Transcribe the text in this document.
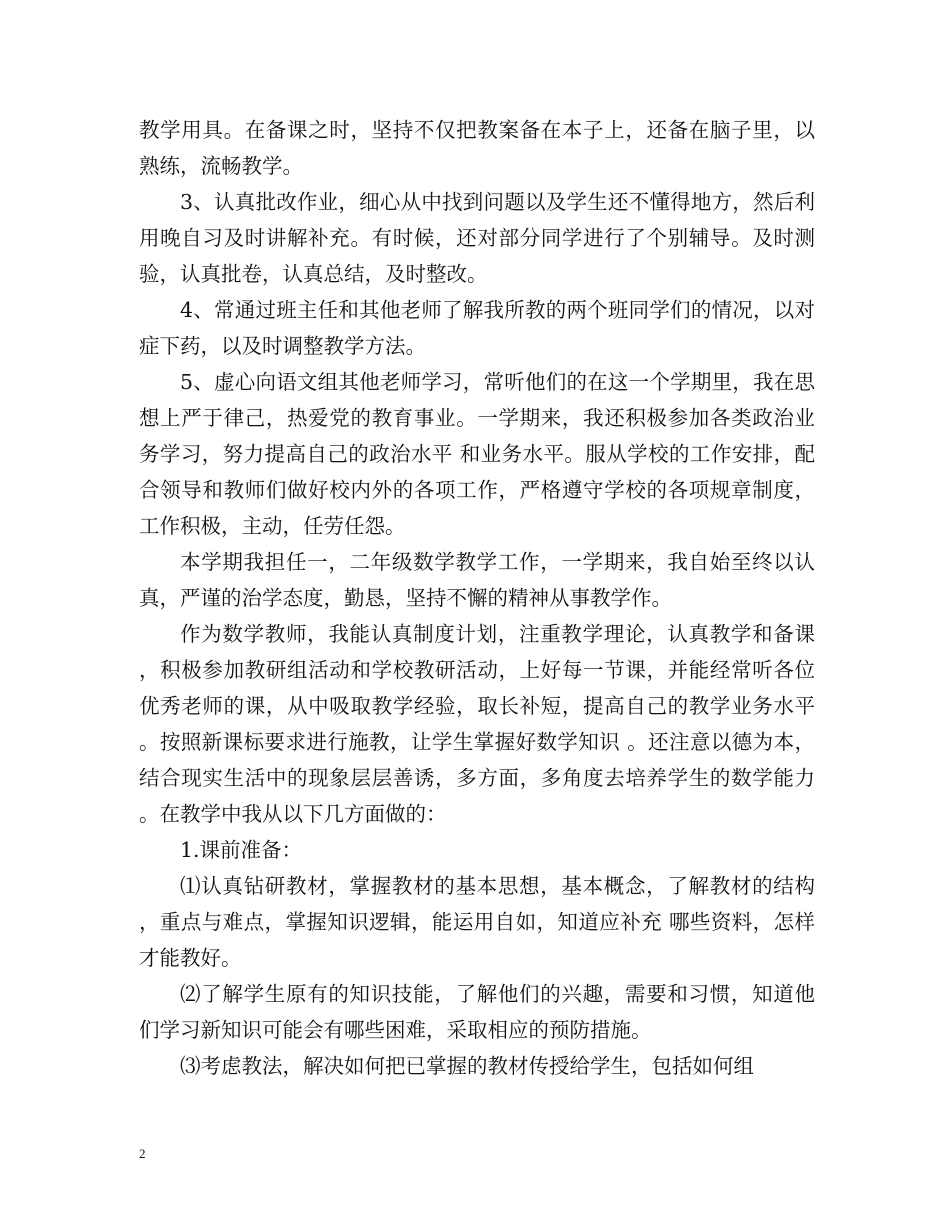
教学用具。在备课之时，坚持不仅把教案备在本子上，还备在脑子里，以熟练，流畅教学。

3、认真批改作业，细心从中找到问题以及学生还不懂得地方，然后利用晚自习及时讲解补充。有时候，还对部分同学进行了个别辅导。及时测验，认真批卷，认真总结，及时整改。

4、常通过班主任和其他老师了解我所教的两个班同学们的情况，以对症下药，以及时调整教学方法。

5、虚心向语文组其他老师学习，常听他们的在这一个学期里，我在思想上严于律己，热爱党的教育事业。一学期来，我还积极参加各类政治业务学习，努力提高自己的政治水平 和业务水平。服从学校的工作安排，配合领导和教师们做好校内外的各项工作，严格遵守学校的各项规章制度，工作积极，主动，任劳任怨。

本学期我担任一，二年级数学教学工作，一学期来，我自始至终以认真，严谨的治学态度，勤恳，坚持不懈的精神从事教学作。

作为数学教师，我能认真制度计划，注重教学理论，认真教学和备课，积极参加教研组活动和学校教研活动，上好每一节课，并能经常听各位优秀老师的课，从中吸取教学经验，取长补短，提高自己的教学业务水平。按照新课标要求进行施教，让学生掌握好数学知识 。还注意以德为本，结合现实生活中的现象层层善诱，多方面，多角度去培养学生的数学能力。在教学中我从以下几方面做的：

1.课前准备：

⑴认真钻研教材，掌握教材的基本思想，基本概念，了解教材的结构，重点与难点，掌握知识逻辑，能运用自如，知道应补充 哪些资料，怎样才能教好。

⑵了解学生原有的知识技能，了解他们的兴趣，需要和习惯，知道他们学习新知识可能会有哪些困难，采取相应的预防措施。

⑶考虑教法，解决如何把已掌握的教材传授给学生，包括如何组

2
